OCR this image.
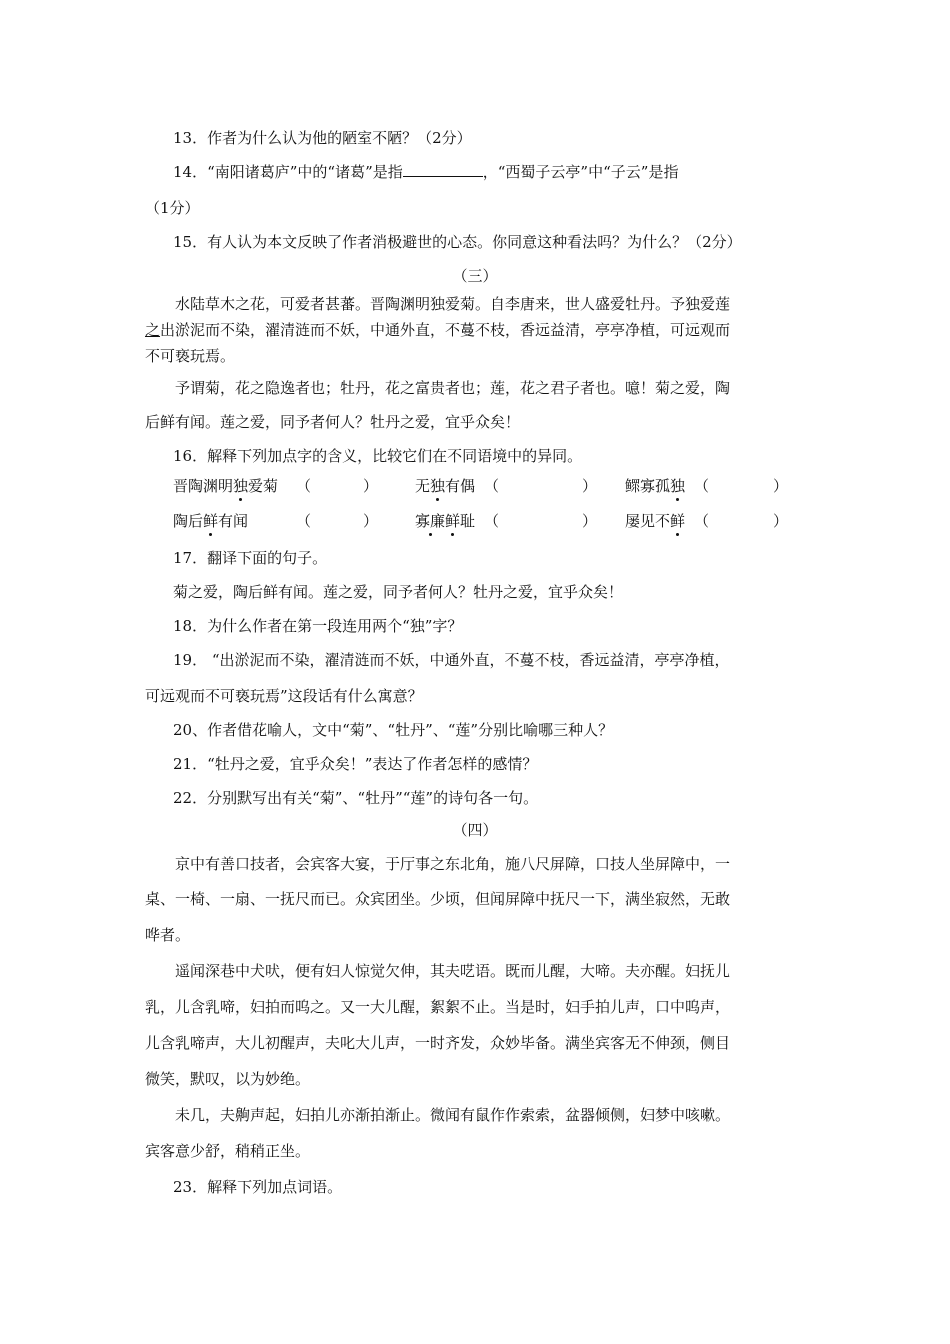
13．作者为什么认为他的陋室不陋？（2分）
14．“南阳诸葛庐”中的“诸葛”是指	，“西蜀子云亭”中“子云”是指
（1分）
15．有人认为本文反映了作者消极避世的心态。你同意这种看法吗？为什么？（2分）
（三）
水陆草木之花，可爱者甚蕃。晋陶渊明独爱菊。自李唐来，世人盛爱牡丹。予独爱莲
之出淤泥而不染，濯清涟而不妖，中通外直，不蔓不枝，香远益清，亭亭净植，可远观而
不可亵玩焉。
予谓菊，花之隐逸者也；牡丹，花之富贵者也；莲，花之君子者也。噫！菊之爱，陶
后鲜有闻。莲之爱，同予者何人？牡丹之爱，宜乎众矣！
16．解释下列加点字的含义，比较它们在不同语境中的异同。
晋陶渊明独爱菊 （	） 无独有偶 （	） 鳏寡孤独 （	）
陶后鲜有闻	（	） 寡廉鲜耻 （	） 屡见不鲜 （	）
17．翻译下面的句子。
菊之爱，陶后鲜有闻。莲之爱，同予者何人？牡丹之爱，宜乎众矣！
18．为什么作者在第一段连用两个“独”字？
19． “出淤泥而不染，濯清涟而不妖，中通外直，不蔓不枝，香远益清，亭亭净植，
可远观而不可亵玩焉”这段话有什么寓意？
20、作者借花喻人，文中“菊”、“牡丹”、“莲”分别比喻哪三种人？
21．“牡丹之爱，宜乎众矣！”表达了作者怎样的感情？
22．分别默写出有关“菊”、“牡丹”“莲”的诗句各一句。
（四）
京中有善口技者，会宾客大宴，于厅事之东北角，施八尺屏障，口技人坐屏障中，一
桌、一椅、一扇、一抚尺而已。众宾团坐。少顷，但闻屏障中抚尺一下，满坐寂然，无敢
哗者。
遥闻深巷中犬吠，便有妇人惊觉欠伸，其夫呓语。既而儿醒，大啼。夫亦醒。妇抚儿
乳，儿含乳啼，妇拍而呜之。又一大儿醒，絮絮不止。当是时，妇手拍儿声，口中呜声，
儿含乳啼声，大儿初醒声，夫叱大儿声，一时齐发，众妙毕备。满坐宾客无不伸颈，侧目
微笑，默叹，以为妙绝。
未几，夫齁声起，妇拍儿亦渐拍渐止。微闻有鼠作作索索，盆器倾侧，妇梦中咳嗽。
宾客意少舒，稍稍正坐。
23．解释下列加点词语。
